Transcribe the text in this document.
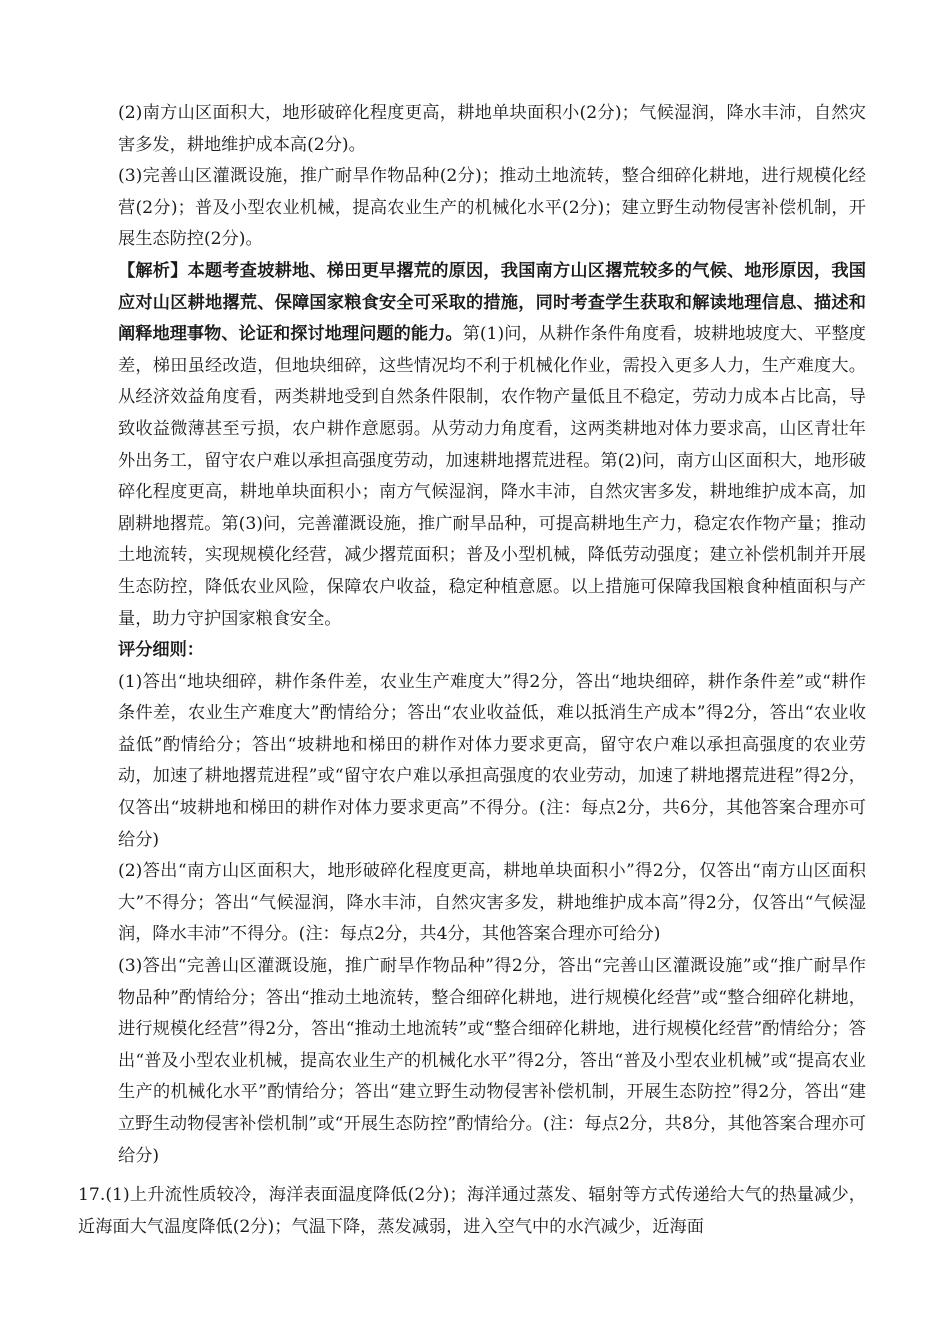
(2)南方山区面积大，地形破碎化程度更高，耕地单块面积小(2分)；气候湿润，降水丰沛，自然灾害多发，耕地维护成本高(2分)。

(3)完善山区灌溉设施，推广耐旱作物品种(2分)；推动土地流转，整合细碎化耕地，进行规模化经营(2分)；普及小型农业机械，提高农业生产的机械化水平(2分)；建立野生动物侵害补偿机制，开展生态防控(2分)。

【解析】本题考查坡耕地、梯田更早撂荒的原因，我国南方山区撂荒较多的气候、地形原因，我国应对山区耕地撂荒、保障国家粮食安全可采取的措施，同时考查学生获取和解读地理信息、描述和阐释地理事物、论证和探讨地理问题的能力。第(1)问，从耕作条件角度看，坡耕地坡度大、平整度差，梯田虽经改造，但地块细碎，这些情况均不利于机械化作业，需投入更多人力，生产难度大。从经济效益角度看，两类耕地受到自然条件限制，农作物产量低且不稳定，劳动力成本占比高，导致收益微薄甚至亏损，农户耕作意愿弱。从劳动力角度看，这两类耕地对体力要求高，山区青壮年外出务工，留守农户难以承担高强度劳动，加速耕地撂荒进程。第(2)问，南方山区面积大，地形破碎化程度更高，耕地单块面积小；南方气候湿润，降水丰沛，自然灾害多发，耕地维护成本高，加剧耕地撂荒。第(3)问，完善灌溉设施，推广耐旱品种，可提高耕地生产力，稳定农作物产量；推动土地流转，实现规模化经营，减少撂荒面积；普及小型机械，降低劳动强度；建立补偿机制并开展生态防控，降低农业风险，保障农户收益，稳定种植意愿。以上措施可保障我国粮食种植面积与产量，助力守护国家粮食安全。

评分细则：

(1)答出“地块细碎，耕作条件差，农业生产难度大”得2分，答出“地块细碎，耕作条件差”或“耕作条件差，农业生产难度大”酌情给分；答出“农业收益低，难以抵消生产成本”得2分，答出“农业收益低”酌情给分；答出“坡耕地和梯田的耕作对体力要求更高，留守农户难以承担高强度的农业劳动，加速了耕地撂荒进程”或“留守农户难以承担高强度的农业劳动，加速了耕地撂荒进程”得2分，仅答出“坡耕地和梯田的耕作对体力要求更高”不得分。(注：每点2分，共6分，其他答案合理亦可给分)

(2)答出“南方山区面积大，地形破碎化程度更高，耕地单块面积小”得2分，仅答出“南方山区面积大”不得分；答出“气候湿润，降水丰沛，自然灾害多发，耕地维护成本高”得2分，仅答出“气候湿润，降水丰沛”不得分。(注：每点2分，共4分，其他答案合理亦可给分)

(3)答出“完善山区灌溉设施，推广耐旱作物品种”得2分，答出“完善山区灌溉设施”或“推广耐旱作物品种”酌情给分；答出“推动土地流转，整合细碎化耕地，进行规模化经营”或“整合细碎化耕地，进行规模化经营”得2分，答出“推动土地流转”或“整合细碎化耕地，进行规模化经营”酌情给分；答出“普及小型农业机械，提高农业生产的机械化水平”得2分，答出“普及小型农业机械”或“提高农业生产的机械化水平”酌情给分；答出“建立野生动物侵害补偿机制，开展生态防控”得2分，答出“建立野生动物侵害补偿机制”或“开展生态防控”酌情给分。(注：每点2分，共8分，其他答案合理亦可给分)

17.(1)上升流性质较冷，海洋表面温度降低(2分)；海洋通过蒸发、辐射等方式传递给大气的热量减少，近海面大气温度降低(2分)；气温下降，蒸发减弱，进入空气中的水汽减少，近海面
